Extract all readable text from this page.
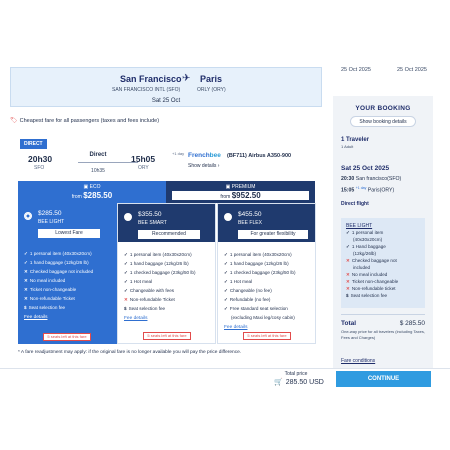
25 Oct 2025	25 Oct 2025
San Francisco ✈ Paris
SAN FRANCISCO INTL (SFO)	ORLY (ORY)
Sat 25 Oct
🏷 Cheapest fare for all passengers (taxes and fees include)
DIRECT
20h30
SFO
Direct
10h35
15h05
+1 day
ORY
Frenchbee (BF711) Airbus A350-900
Show details ›
▣ ECO
from $285.50
▣ PREMIUM
from $952.50
$285.50
BEE LIGHT
Lowest Fare
✓ 1 personal item (40x30x20cm)
✓ 1 hand baggage (12kg/26 lb)
✕ Checked baggage not included
✕ No meal included
✕ Ticket non-changeable
✕ Non-refundable Ticket
$ Seat selection fee
Fee details
5 seats left at this fare
$355.50
BEE SMART
Recommended
✓ 1 personal item (40x30x20cm)
✓ 1 hand baggage (12kg/26 lb)
✓ 1 checked baggage (23kg/50 lb)
✓ 1 Hot meal
✓ Changeable with fees
✕ Non-refundable Ticket
$ Seat selection fee
Fee details
5 seats left at this fare
$455.50
BEE FLEX
For greater flexibility
✓ 1 personal item (40x30x20cm)
✓ 1 hand baggage (12kg/26 lb)
✓ 1 checked baggage (23kg/50 lb)
✓ 1 Hot meal
✓ Changeable (no fee)
✓ Refundable (no fee)
✓ Free standard seat selection
(excluding Maxi leg/cosy cabin)
Fee details
5 seats left at this fare
* A fare readjustment may apply: if the original fare is no longer available you will pay the price difference.
YOUR BOOKING
Show booking details
1 Traveler
1 Adult
Sat 25 Oct 2025
20:30 San francisco(SFO)
15:05 $^{+1 day}$ Paris(ORY)
Direct flight
BEE LIGHT
✓ 1 personal item
(40x30x20cm)
✓ 1 Hand baggage
(12kg/26lb)
✕ Checked baggage not
included
✕ No meal included
✕ Ticket non-changeable
✕ Non-refundable ticket
$ Seat selection fee
Total	$ 285.50
One-way price for all travelers (including Taxes, Fees and Charges)
Fare conditions
Total price
🛒 285.50 USD	CONTINUE
